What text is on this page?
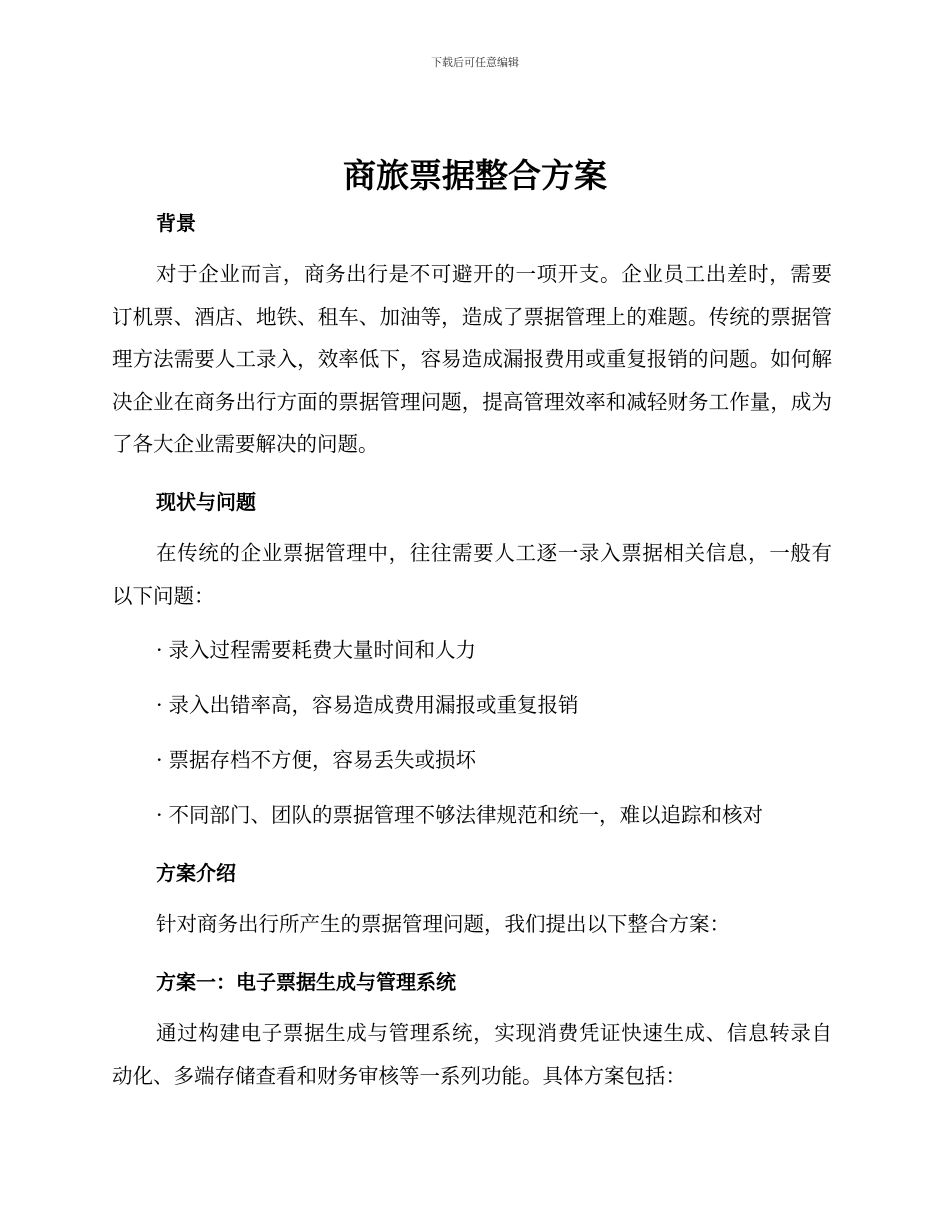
下载后可任意编辑
商旅票据整合方案
背景

对于企业而言，商务出行是不可避开的一项开支。企业员工出差时，需要订机票、酒店、地铁、租车、加油等，造成了票据管理上的难题。传统的票据管理方法需要人工录入，效率低下，容易造成漏报费用或重复报销的问题。如何解决企业在商务出行方面的票据管理问题，提高管理效率和减轻财务工作量，成为了各大企业需要解决的问题。

现状与问题

在传统的企业票据管理中，往往需要人工逐一录入票据相关信息，一般有以下问题：

· 录入过程需要耗费大量时间和人力
· 录入出错率高，容易造成费用漏报或重复报销
· 票据存档不方便，容易丢失或损坏
· 不同部门、团队的票据管理不够法律规范和统一，难以追踪和核对
方案介绍

针对商务出行所产生的票据管理问题，我们提出以下整合方案：

方案一：电子票据生成与管理系统

通过构建电子票据生成与管理系统，实现消费凭证快速生成、信息转录自动化、多端存储查看和财务审核等一系列功能。具体方案包括：
